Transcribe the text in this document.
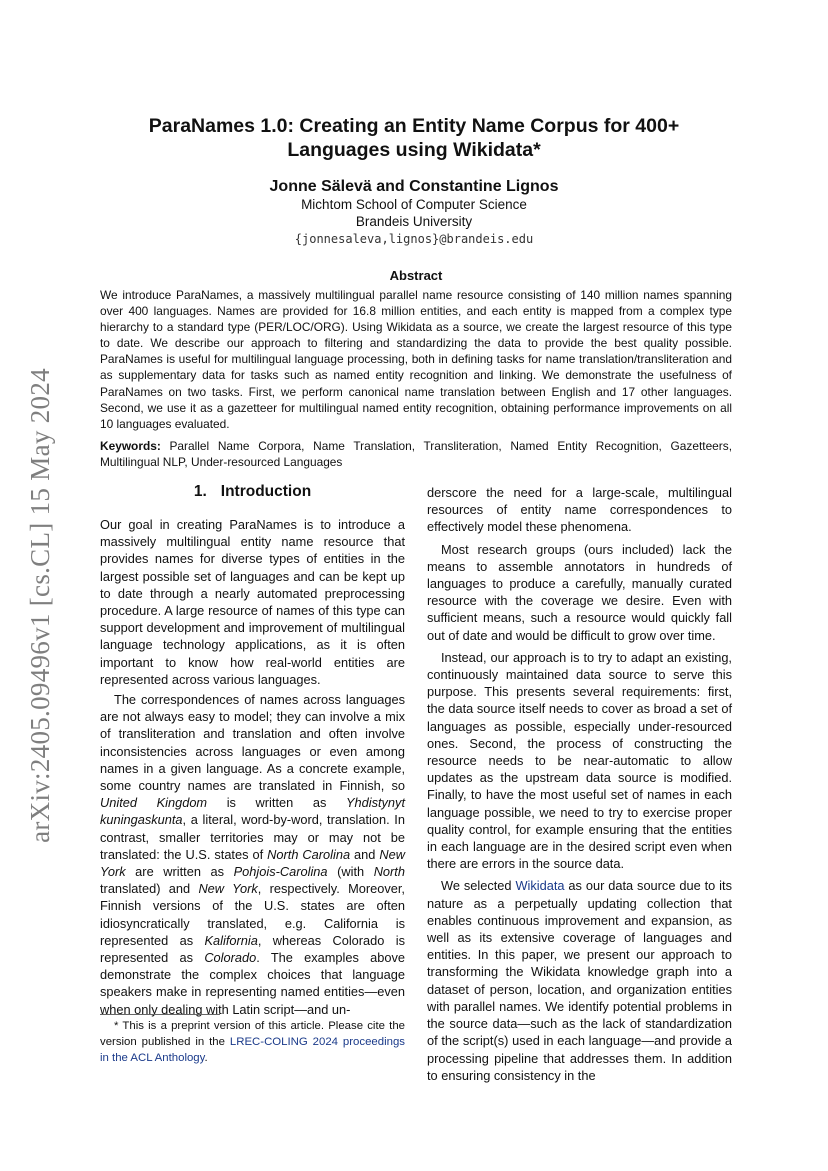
arXiv:2405.09496v1 [cs.CL] 15 May 2024
ParaNames 1.0: Creating an Entity Name Corpus for 400+ Languages using Wikidata*
Jonne Sälevä and Constantine Lignos
Michtom School of Computer Science
Brandeis University
{jonnesaleva,lignos}@brandeis.edu
Abstract

We introduce ParaNames, a massively multilingual parallel name resource consisting of 140 million names spanning over 400 languages. Names are provided for 16.8 million entities, and each entity is mapped from a complex type hierarchy to a standard type (PER/LOC/ORG). Using Wikidata as a source, we create the largest resource of this type to date. We describe our approach to filtering and standardizing the data to provide the best quality possible. ParaNames is useful for multilingual language processing, both in defining tasks for name translation/transliteration and as supplementary data for tasks such as named entity recognition and linking. We demonstrate the usefulness of ParaNames on two tasks. First, we perform canonical name translation between English and 17 other languages. Second, we use it as a gazetteer for multilingual named entity recognition, obtaining performance improvements on all 10 languages evaluated.

Keywords: Parallel Name Corpora, Name Translation, Transliteration, Named Entity Recognition, Gazetteers, Multilingual NLP, Under-resourced Languages

1. Introduction

Our goal in creating ParaNames is to introduce a massively multilingual entity name resource that provides names for diverse types of entities in the largest possible set of languages and can be kept up to date through a nearly automated preprocessing procedure. A large resource of names of this type can support development and improvement of multilingual language technology applications, as it is often important to know how real-world entities are represented across various languages.

The correspondences of names across languages are not always easy to model; they can involve a mix of transliteration and translation and often involve inconsistencies across languages or even among names in a given language. As a concrete example, some country names are translated in Finnish, so United Kingdom is written as Yhdistynyt kuningaskunta, a literal, word-by-word, translation. In contrast, smaller territories may or may not be translated: the U.S. states of North Carolina and New York are written as Pohjois-Carolina (with North translated) and New York, respectively. Moreover, Finnish versions of the U.S. states are often idiosyncratically translated, e.g. California is represented as Kalifornia, whereas Colorado is represented as Colorado. The examples above demonstrate the complex choices that language speakers make in representing named entities—even when only dealing with Latin script—and un-

derscore the need for a large-scale, multilingual resources of entity name correspondences to effectively model these phenomena.

Most research groups (ours included) lack the means to assemble annotators in hundreds of languages to produce a carefully, manually curated resource with the coverage we desire. Even with sufficient means, such a resource would quickly fall out of date and would be difficult to grow over time.

Instead, our approach is to try to adapt an existing, continuously maintained data source to serve this purpose. This presents several requirements: first, the data source itself needs to cover as broad a set of languages as possible, especially under-resourced ones. Second, the process of constructing the resource needs to be near-automatic to allow updates as the upstream data source is modified. Finally, to have the most useful set of names in each language possible, we need to try to exercise proper quality control, for example ensuring that the entities in each language are in the desired script even when there are errors in the source data.

We selected Wikidata as our data source due to its nature as a perpetually updating collection that enables continuous improvement and expansion, as well as its extensive coverage of languages and entities. In this paper, we present our approach to transforming the Wikidata knowledge graph into a dataset of person, location, and organization entities with parallel names. We identify potential problems in the source data—such as the lack of standardization of the script(s) used in each language—and provide a processing pipeline that addresses them. In addition to ensuring consistency in the

* This is a preprint version of this article. Please cite the version published in the LREC-COLING 2024 proceedings in the ACL Anthology.
